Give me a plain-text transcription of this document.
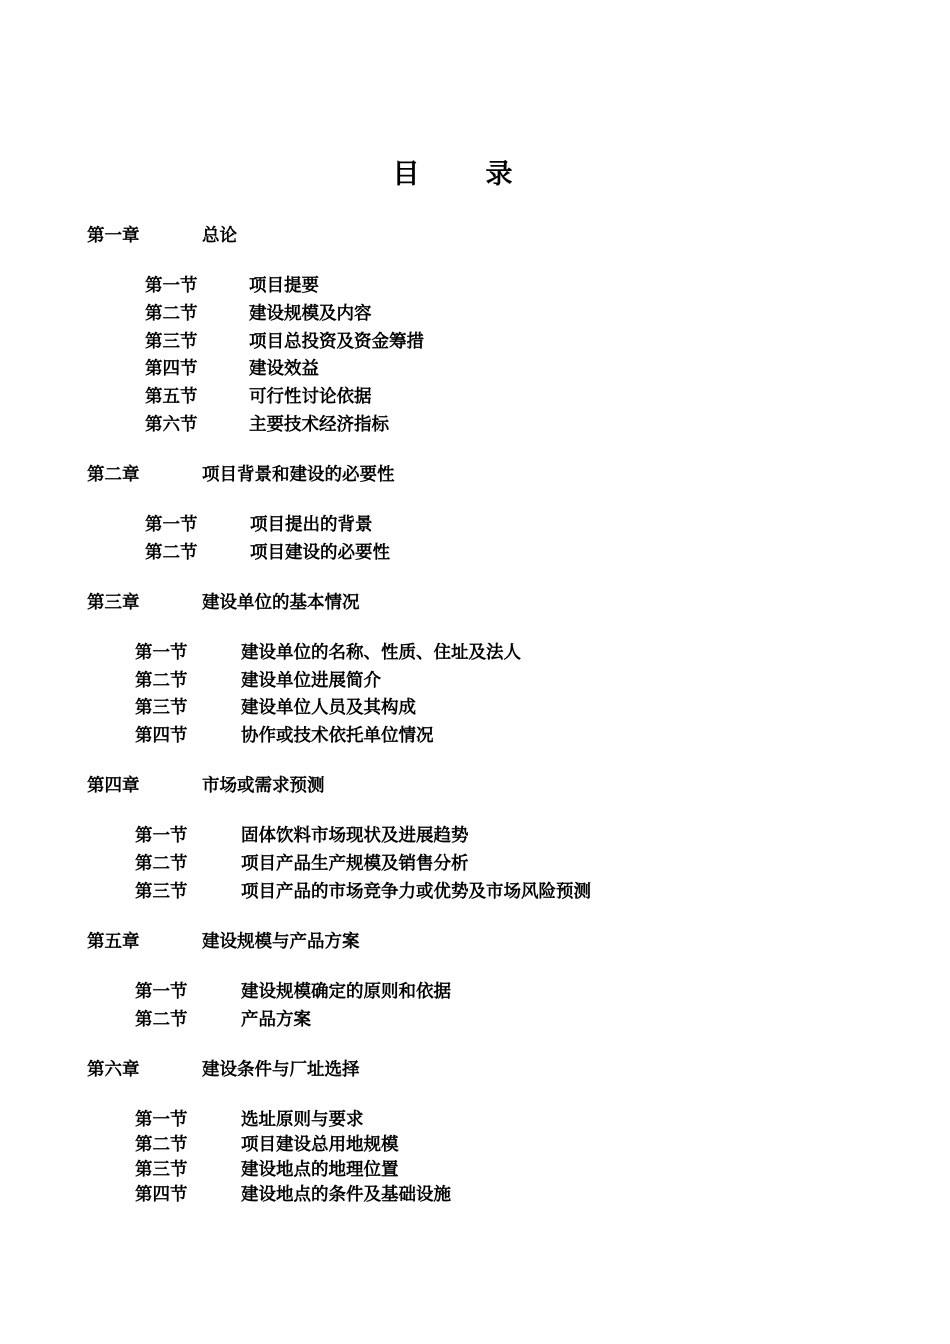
目 录
第一章	总论
第一节	项目提要
第二节	建设规模及内容
第三节	项目总投资及资金筹措
第四节	建设效益
第五节	可行性讨论依据
第六节	主要技术经济指标
第二章	项目背景和建设的必要性
第一节	项目提出的背景
第二节	项目建设的必要性
第三章	建设单位的基本情况
第一节	建设单位的名称、性质、住址及法人
第二节	建设单位进展简介
第三节	建设单位人员及其构成
第四节	协作或技术依托单位情况
第四章	市场或需求预测
第一节	固体饮料市场现状及进展趋势
第二节	项目产品生产规模及销售分析
第三节	项目产品的市场竞争力或优势及市场风险预测
第五章	建设规模与产品方案
第一节	建设规模确定的原则和依据
第二节	产品方案
第六章	建设条件与厂址选择
第一节	选址原则与要求
第二节	项目建设总用地规模
第三节	建设地点的地理位置
第四节	建设地点的条件及基础设施
